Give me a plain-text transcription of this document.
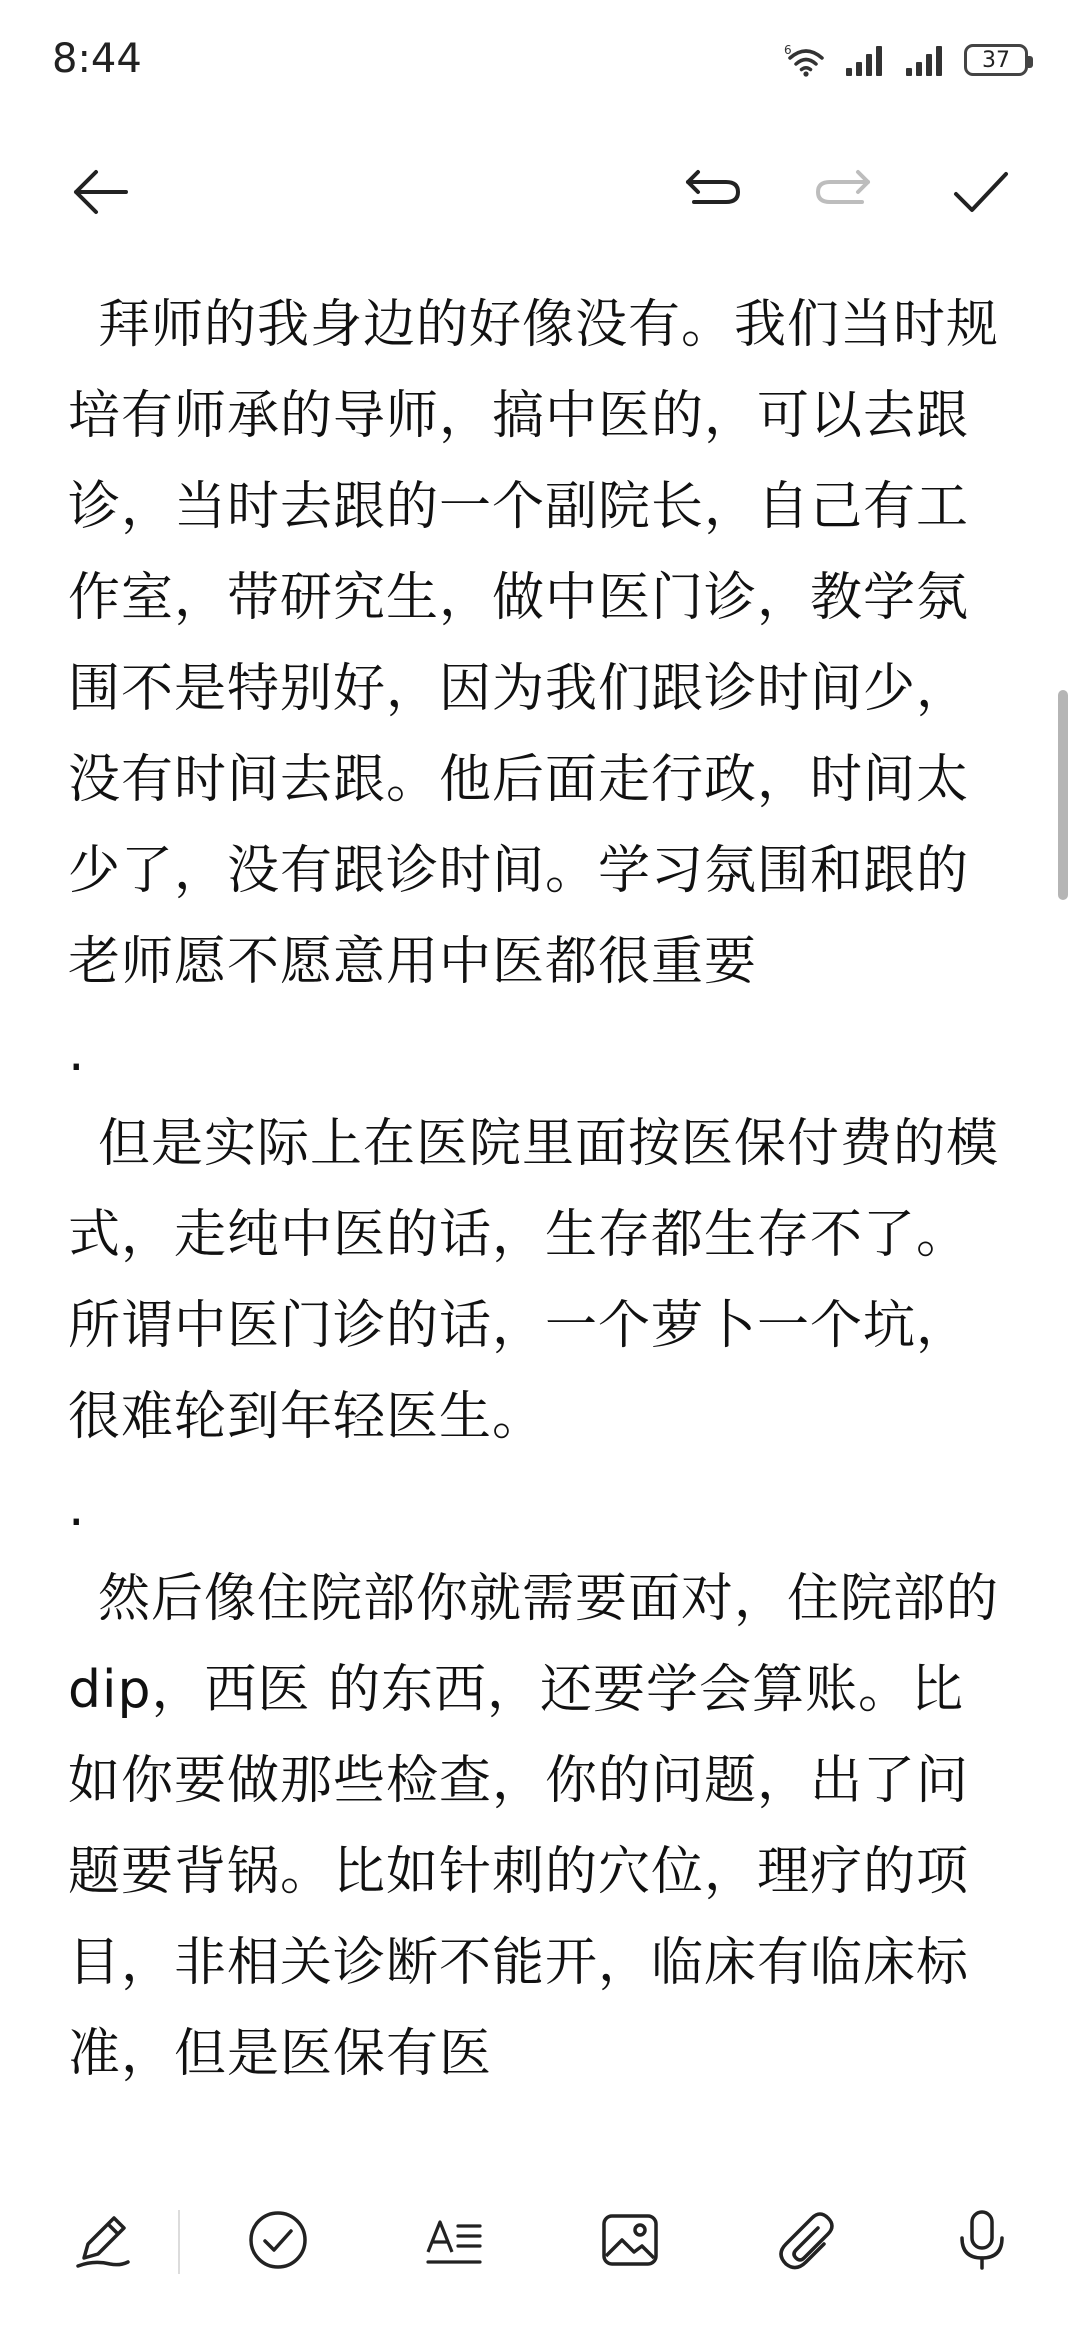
8:44	6	37

拜师的我身边的好像没有。我们当时规培有师承的导师，搞中医的，可以去跟诊，当时去跟的一个副院长，自己有工作室，带研究生，做中医门诊，教学氛围不是特别好，因为我们跟诊时间少，没有时间去跟。他后面走行政，时间太少了，没有跟诊时间。学习氛围和跟的老师愿不愿意用中医都很重要

.

但是实际上在医院里面按医保付费的模式，走纯中医的话，生存都生存不了。所谓中医门诊的话，一个萝卜一个坑，很难轮到年轻医生。

.

然后像住院部你就需要面对，住院部的dip，西医 的东西，还要学会算账。比如你要做那些检查，你的问题，出了问题要背锅。比如针刺的穴位，理疗的项目，非相关诊断不能开，临床有临床标准，但是医保有医
